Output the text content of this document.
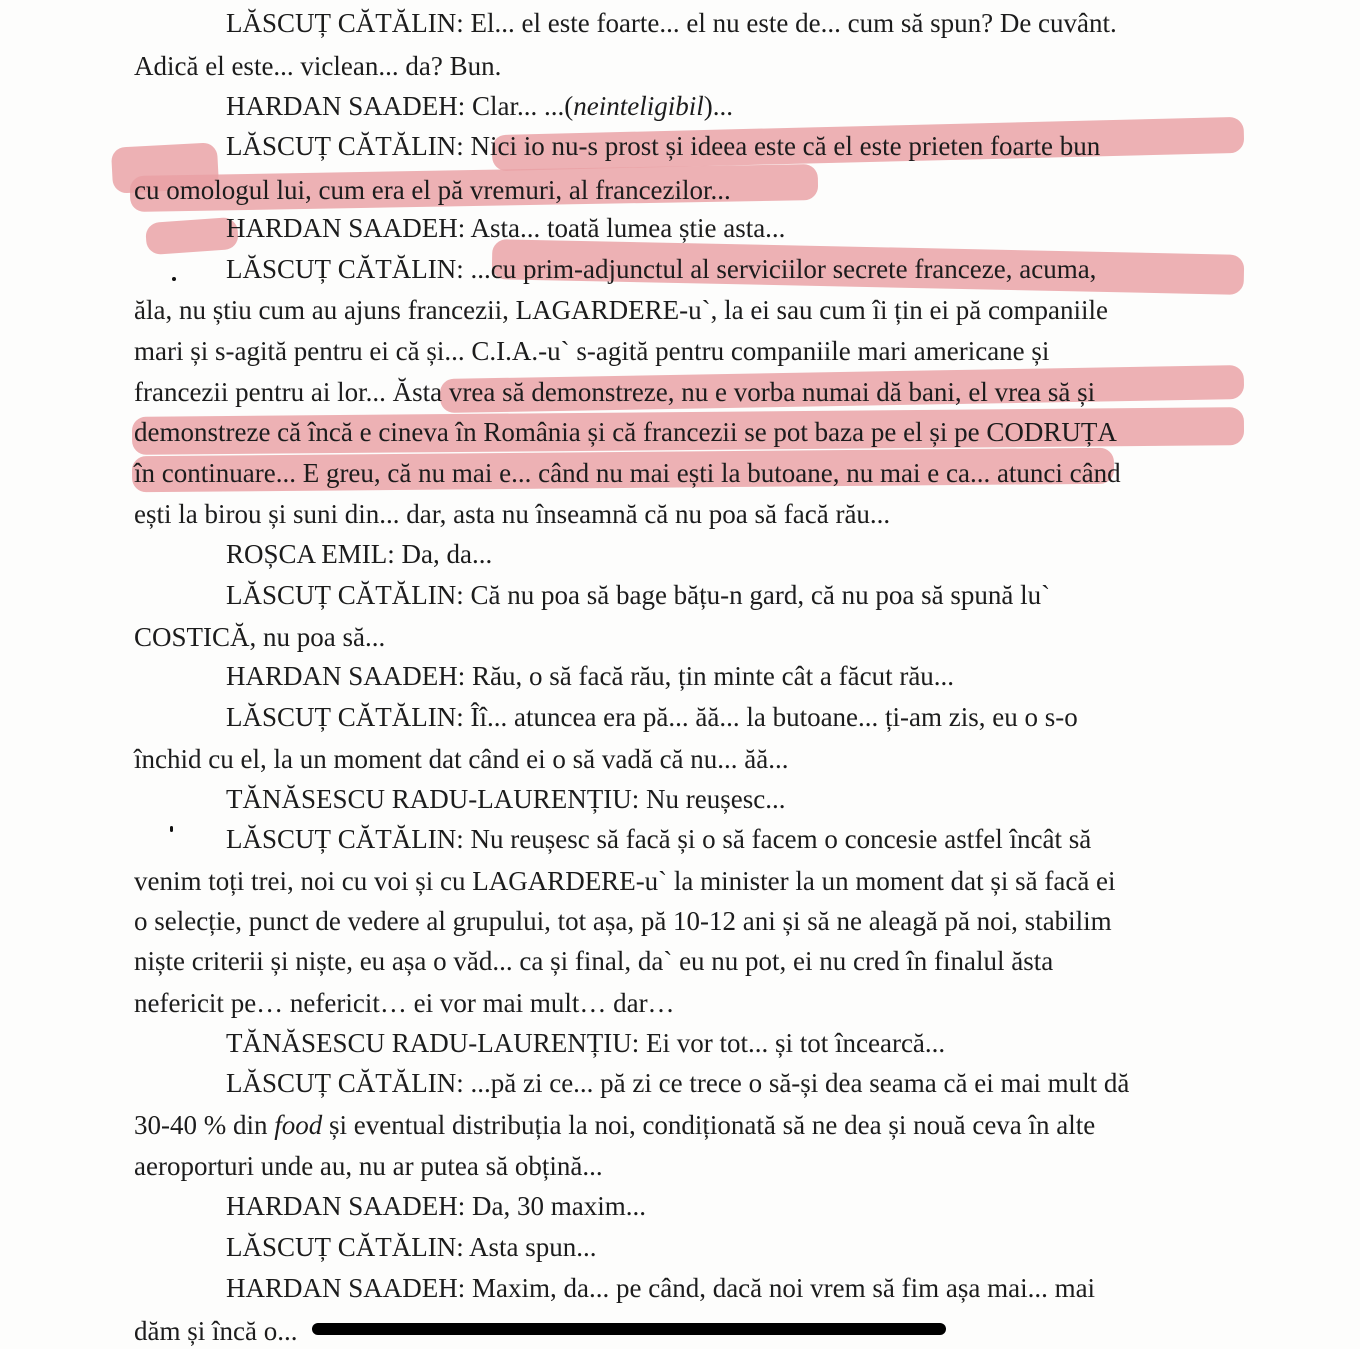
LĂSCUȚ CĂTĂLIN: El... el este foarte... el nu este de... cum să spun? De cuvânt.
Adică el este... viclean... da? Bun.
HARDAN SAADEH: Clar... ...(neinteligibil)...
LĂSCUȚ CĂTĂLIN: Nici io nu-s prost și ideea este că el este prieten foarte bun
cu omologul lui, cum era el pă vremuri, al francezilor...
HARDAN SAADEH: Asta... toată lumea știe asta...
LĂSCUȚ CĂTĂLIN: ...cu prim-adjunctul al serviciilor secrete franceze, acuma,
ăla, nu știu cum au ajuns francezii, LAGARDERE-u`, la ei sau cum îi țin ei pă companiile
mari și s-agită pentru ei că și... C.I.A.-u` s-agită pentru companiile mari americane și
francezii pentru ai lor... Ăsta vrea să demonstreze, nu e vorba numai dă bani, el vrea să și
demonstreze că încă e cineva în România și că francezii se pot baza pe el și pe CODRUȚA
în continuare... E greu, că nu mai e... când nu mai ești la butoane, nu mai e ca... atunci când
ești la birou și suni din... dar, asta nu înseamnă că nu poa să facă rău...
ROȘCA EMIL: Da, da...
LĂSCUȚ CĂTĂLIN: Că nu poa să bage bățu-n gard, că nu poa să spună lu`
COSTICĂ, nu poa să...
HARDAN SAADEH: Rău, o să facă rău, țin minte cât a făcut rău...
LĂSCUȚ CĂTĂLIN: Îî... atuncea era pă... ăă... la butoane... ți-am zis, eu o s-o
închid cu el, la un moment dat când ei o să vadă că nu... ăă...
TĂNĂSESCU RADU-LAURENȚIU: Nu reușesc...
LĂSCUȚ CĂTĂLIN: Nu reușesc să facă și o să facem o concesie astfel încât să
venim toți trei, noi cu voi și cu LAGARDERE-u` la minister la un moment dat și să facă ei
o selecție, punct de vedere al grupului, tot așa, pă 10-12 ani și să ne aleagă pă noi, stabilim
niște criterii și niște, eu așa o văd... ca și final, da` eu nu pot, ei nu cred în finalul ăsta
nefericit pe… nefericit… ei vor mai mult… dar…
TĂNĂSESCU RADU-LAURENȚIU: Ei vor tot... și tot încearcă...
LĂSCUȚ CĂTĂLIN: ...pă zi ce... pă zi ce trece o să-și dea seama că ei mai mult dă
30-40 % din food și eventual distribuția la noi, condiționată să ne dea și nouă ceva în alte
aeroporturi unde au, nu ar putea să obțină...
HARDAN SAADEH: Da, 30 maxim...
LĂSCUȚ CĂTĂLIN: Asta spun...
HARDAN SAADEH: Maxim, da... pe când, dacă noi vrem să fim așa mai... mai
dăm și încă o...
